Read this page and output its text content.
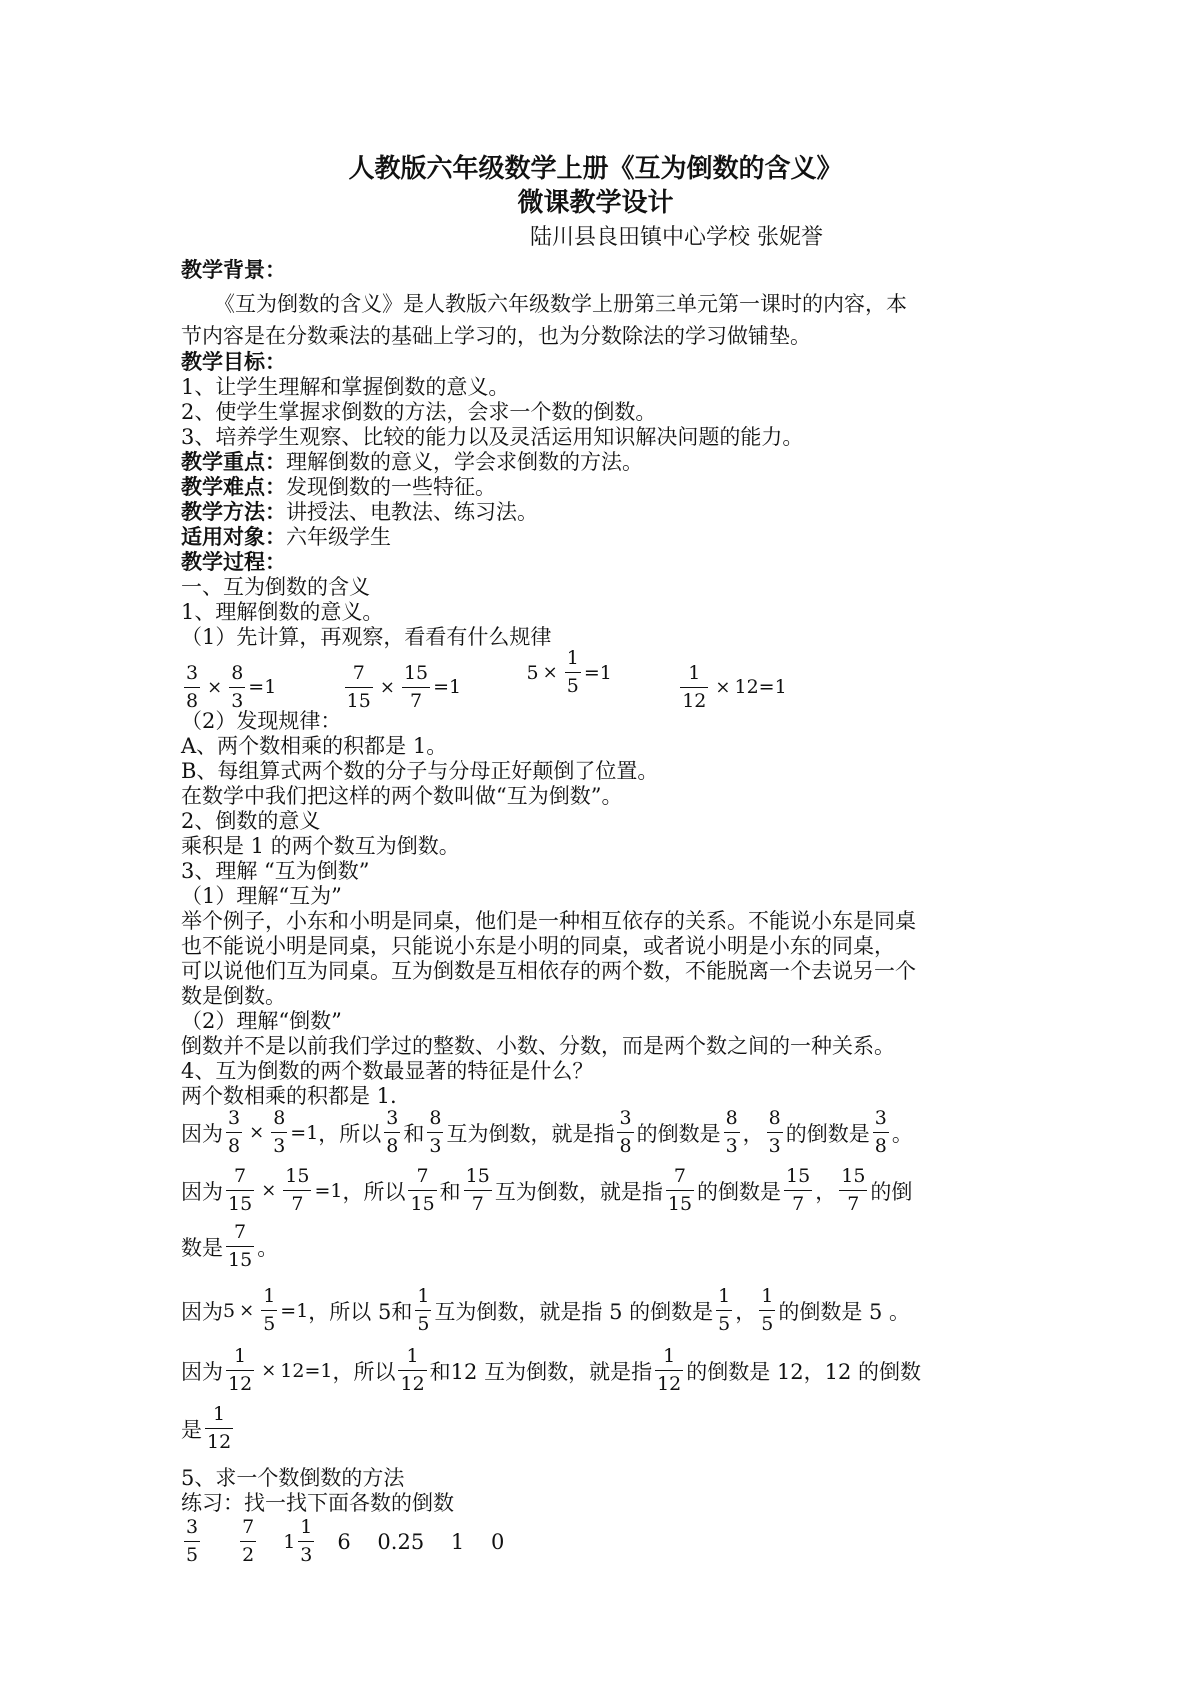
人教版六年级数学上册《互为倒数的含义》
微课教学设计
陆川县良田镇中心学校 张妮誉
教学背景：
《互为倒数的含义》是人教版六年级数学上册第三单元第一课时的内容，本
节内容是在分数乘法的基础上学习的，也为分数除法的学习做铺垫。
教学目标：
1、让学生理解和掌握倒数的意义。
2、使学生掌握求倒数的方法，会求一个数的倒数。
3、培养学生观察、比较的能力以及灵活运用知识解决问题的能力。
教学重点：理解倒数的意义，学会求倒数的方法。
教学难点：发现倒数的一些特征。
教学方法：讲授法、电教法、练习法。
适用对象：六年级学生
教学过程：
一、互为倒数的含义
1、理解倒数的意义。
（1）先计算，再观察，看看有什么规律
$\frac{3}{8} \times \frac{8}{3} =1$
	$\frac{7}{15} \times \frac{15}{7} =1$

$5 \times \frac{1}{5} =1$
	$\frac{1}{12} \times 12 =1$
（2）发现规律：
A、两个数相乘的积都是 1。
B、每组算式两个数的分子与分母正好颠倒了位置。
在数学中我们把这样的两个数叫做“互为倒数”。
2、倒数的意义
乘积是 1 的两个数互为倒数。
3、理解 “互为倒数”
（1）理解“互为”
举个例子，小东和小明是同桌，他们是一种相互依存的关系。不能说小东是同桌
也不能说小明是同桌，只能说小东是小明的同桌，或者说小明是小东的同桌，
可以说他们互为同桌。互为倒数是互相依存的两个数，不能脱离一个去说另一个
数是倒数。
（2）理解“倒数”
倒数并不是以前我们学过的整数、小数、分数，而是两个数之间的一种关系。
4、互为倒数的两个数最显著的特征是什么？
两个数相乘的积都是 1.
因为 $\frac{3}{8} \times \frac{8}{3} =1$ ，所以 $\frac{3}{8}$ 和 $\frac{8}{3}$ 互为倒数，就是指 $\frac{3}{8}$ 的倒数是 $\frac{8}{3}$ ， $\frac{8}{3}$ 的倒数是 $\frac{3}{8}$ 。
因为 $\frac{7}{15} \times \frac{15}{7} =1$ ，所以 $\frac{7}{15}$ 和 $\frac{15}{7}$ 互为倒数，就是指 $\frac{7}{15}$ 的倒数是 $\frac{15}{7}$ ， $\frac{15}{7}$ 的倒
数是 $\frac{7}{15}$ 。
因为 $5 \times \frac{1}{5} =1$ ，所以 5和 $\frac{1}{5}$ 互为倒数，就是指 5 的倒数是 $\frac{1}{5}$ ， $\frac{1}{5}$ 的倒数是 5 。
因为 $\frac{1}{12} \times 12 =1$ ，所以 $\frac{1}{12}$ 和12 互为倒数，就是指 $\frac{1}{12}$ 的倒数是 12，12 的倒数
是 $\frac{1}{12}$
5、求一个数倒数的方法
练习：找一找下面各数的倒数
$\frac{3}{5} \frac{7}{2} 1 \frac{1}{3} 6$    0.25    1    0
